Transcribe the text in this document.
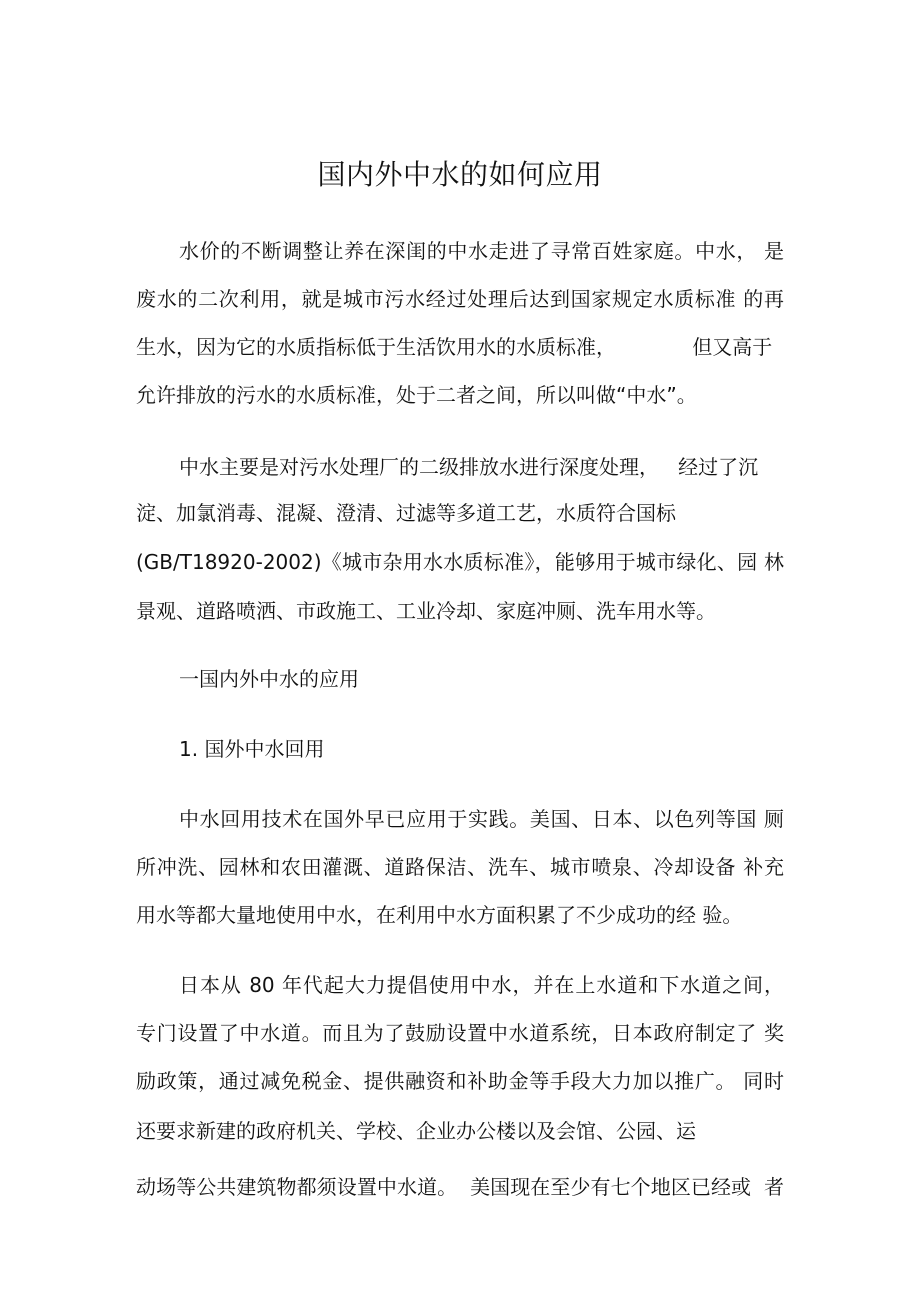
国内外中水的如何应用

水价的不断调整让养在深闺的中水走进了寻常百姓家庭。中水， 是

废水的二次利用，就是城市污水经过处理后达到国家规定水质标准 的再

生水，因为它的水质指标低于生活饮用水的水质标准，            但又高于

允许排放的污水的水质标准，处于二者之间，所以叫做“中水”。

中水主要是对污水处理厂的二级排放水进行深度处理，   经过了沉

淀、加氯消毒、混凝、澄清、过滤等多道工艺，水质符合国标

(GB/T18920-2002)《城市杂用水水质标准》，能够用于城市绿化、园 林

景观、道路喷洒、市政施工、工业冷却、家庭冲厕、洗车用水等。

一国内外中水的应用

1. 国外中水回用

中水回用技术在国外早已应用于实践。美国、日本、以色列等国 厕

所冲洗、园林和农田灌溉、道路保洁、洗车、城市喷泉、冷却设备 补充

用水等都大量地使用中水，在利用中水方面积累了不少成功的经 验。

日本从 80 年代起大力提倡使用中水，并在上水道和下水道之间，

专门设置了中水道。而且为了鼓励设置中水道系统，日本政府制定了 奖

励政策，通过减免税金、提供融资和补助金等手段大力加以推广。 同时

还要求新建的政府机关、学校、企业办公楼以及会馆、公园、运

动场等公共建筑物都须设置中水道。  美国现在至少有七个地区已经或  者
